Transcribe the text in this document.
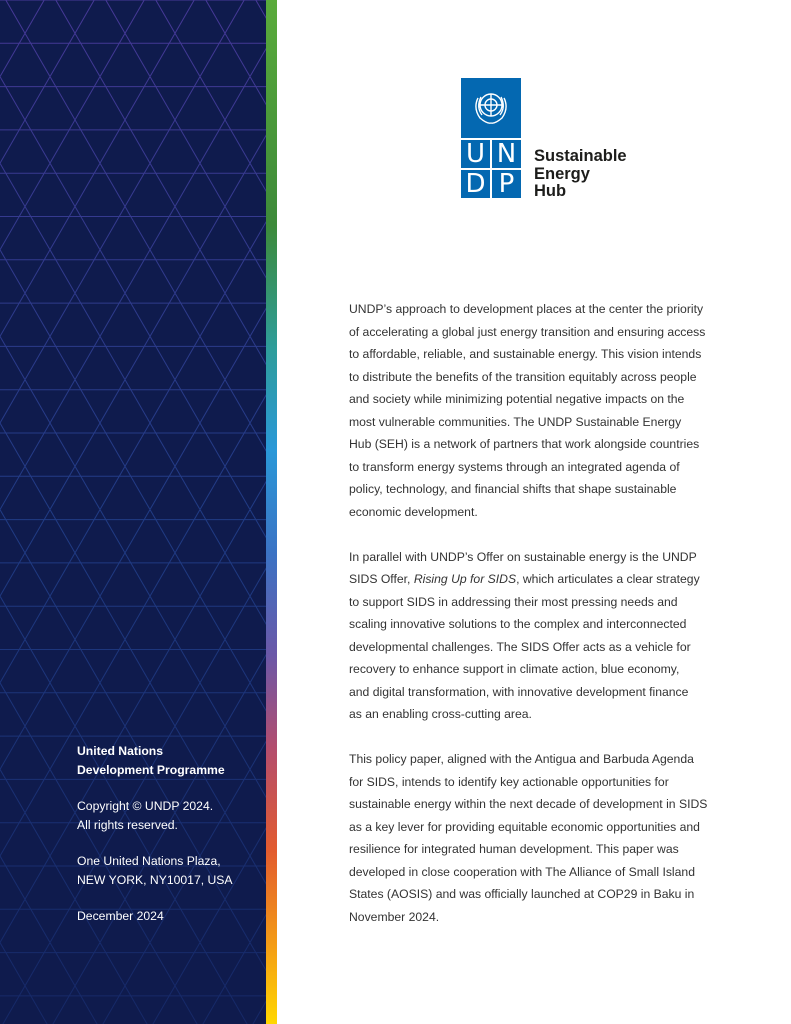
United Nations
Development Programme

Copyright © UNDP 2024.
All rights reserved.

One United Nations Plaza,
NEW YORK, NY10017, USA

December 2024

U N
D P
Sustainable
Energy
Hub

UNDP’s approach to development places at the center the priority
of accelerating a global just energy transition and ensuring access
to affordable, reliable, and sustainable energy. This vision intends
to distribute the benefits of the transition equitably across people
and society while minimizing potential negative impacts on the
most vulnerable communities. The UNDP Sustainable Energy
Hub (SEH) is a network of partners that work alongside countries
to transform energy systems through an integrated agenda of
policy, technology, and financial shifts that shape sustainable
economic development.

In parallel with UNDP’s Offer on sustainable energy is the UNDP
SIDS Offer, Rising Up for SIDS, which articulates a clear strategy
to support SIDS in addressing their most pressing needs and
scaling innovative solutions to the complex and interconnected
developmental challenges. The SIDS Offer acts as a vehicle for
recovery to enhance support in climate action, blue economy,
and digital transformation, with innovative development finance
as an enabling cross-cutting area.

This policy paper, aligned with the Antigua and Barbuda Agenda
for SIDS, intends to identify key actionable opportunities for
sustainable energy within the next decade of development in SIDS
as a key lever for providing equitable economic opportunities and
resilience for integrated human development. This paper was
developed in close cooperation with The Alliance of Small Island
States (AOSIS) and was officially launched at COP29 in Baku in
November 2024.
